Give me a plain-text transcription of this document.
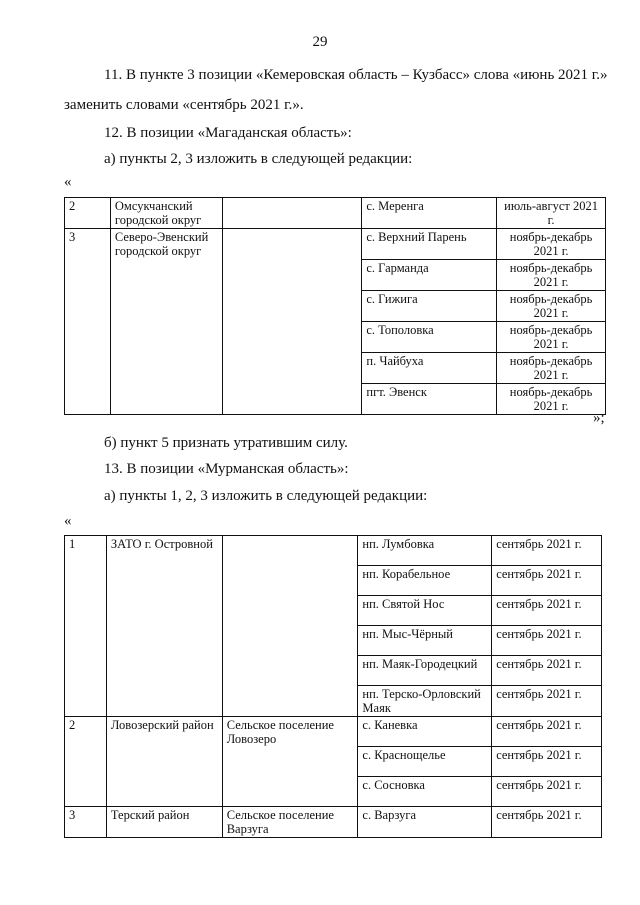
29
11. В пункте 3 позиции «Кемеровская область – Кузбасс» слова «июнь 2021 г.»
заменить словами «сентябрь 2021 г.».
12. В позиции «Магаданская область»:
а) пункты 2, 3 изложить в следующей редакции:
«
2	Омсукчанский городской округ		с. Меренга	июль-август 2021 г.
3	Северо-Эвенский городской округ		с. Верхний Парень	ноябрь-декабрь 2021 г.
			с. Гарманда	ноябрь-декабрь 2021 г.
			с. Гижига	ноябрь-декабрь 2021 г.
			с. Тополовка	ноябрь-декабрь 2021 г.
			п. Чайбуха	ноябрь-декабрь 2021 г.
			пгт. Эвенск	ноябрь-декабрь 2021 г.
»;
б) пункт 5 признать утратившим силу.
13. В позиции «Мурманская область»:
а) пункты 1, 2, 3 изложить в следующей редакции:
«
1	ЗАТО г. Островной		нп. Лумбовка	сентябрь 2021 г.
			нп. Корабельное	сентябрь 2021 г.
			нп. Святой Нос	сентябрь 2021 г.
			нп. Мыс-Чёрный	сентябрь 2021 г.
			нп. Маяк-Городецкий	сентябрь 2021 г.
			нп. Терско-Орловский Маяк	сентябрь 2021 г.
2	Ловозерский район	Сельское поселение Ловозеро	с. Каневка	сентябрь 2021 г.
			с. Краснощелье	сентябрь 2021 г.
			с. Сосновка	сентябрь 2021 г.
3	Терский район	Сельское поселение Варзуга	с. Варзуга	сентябрь 2021 г.
